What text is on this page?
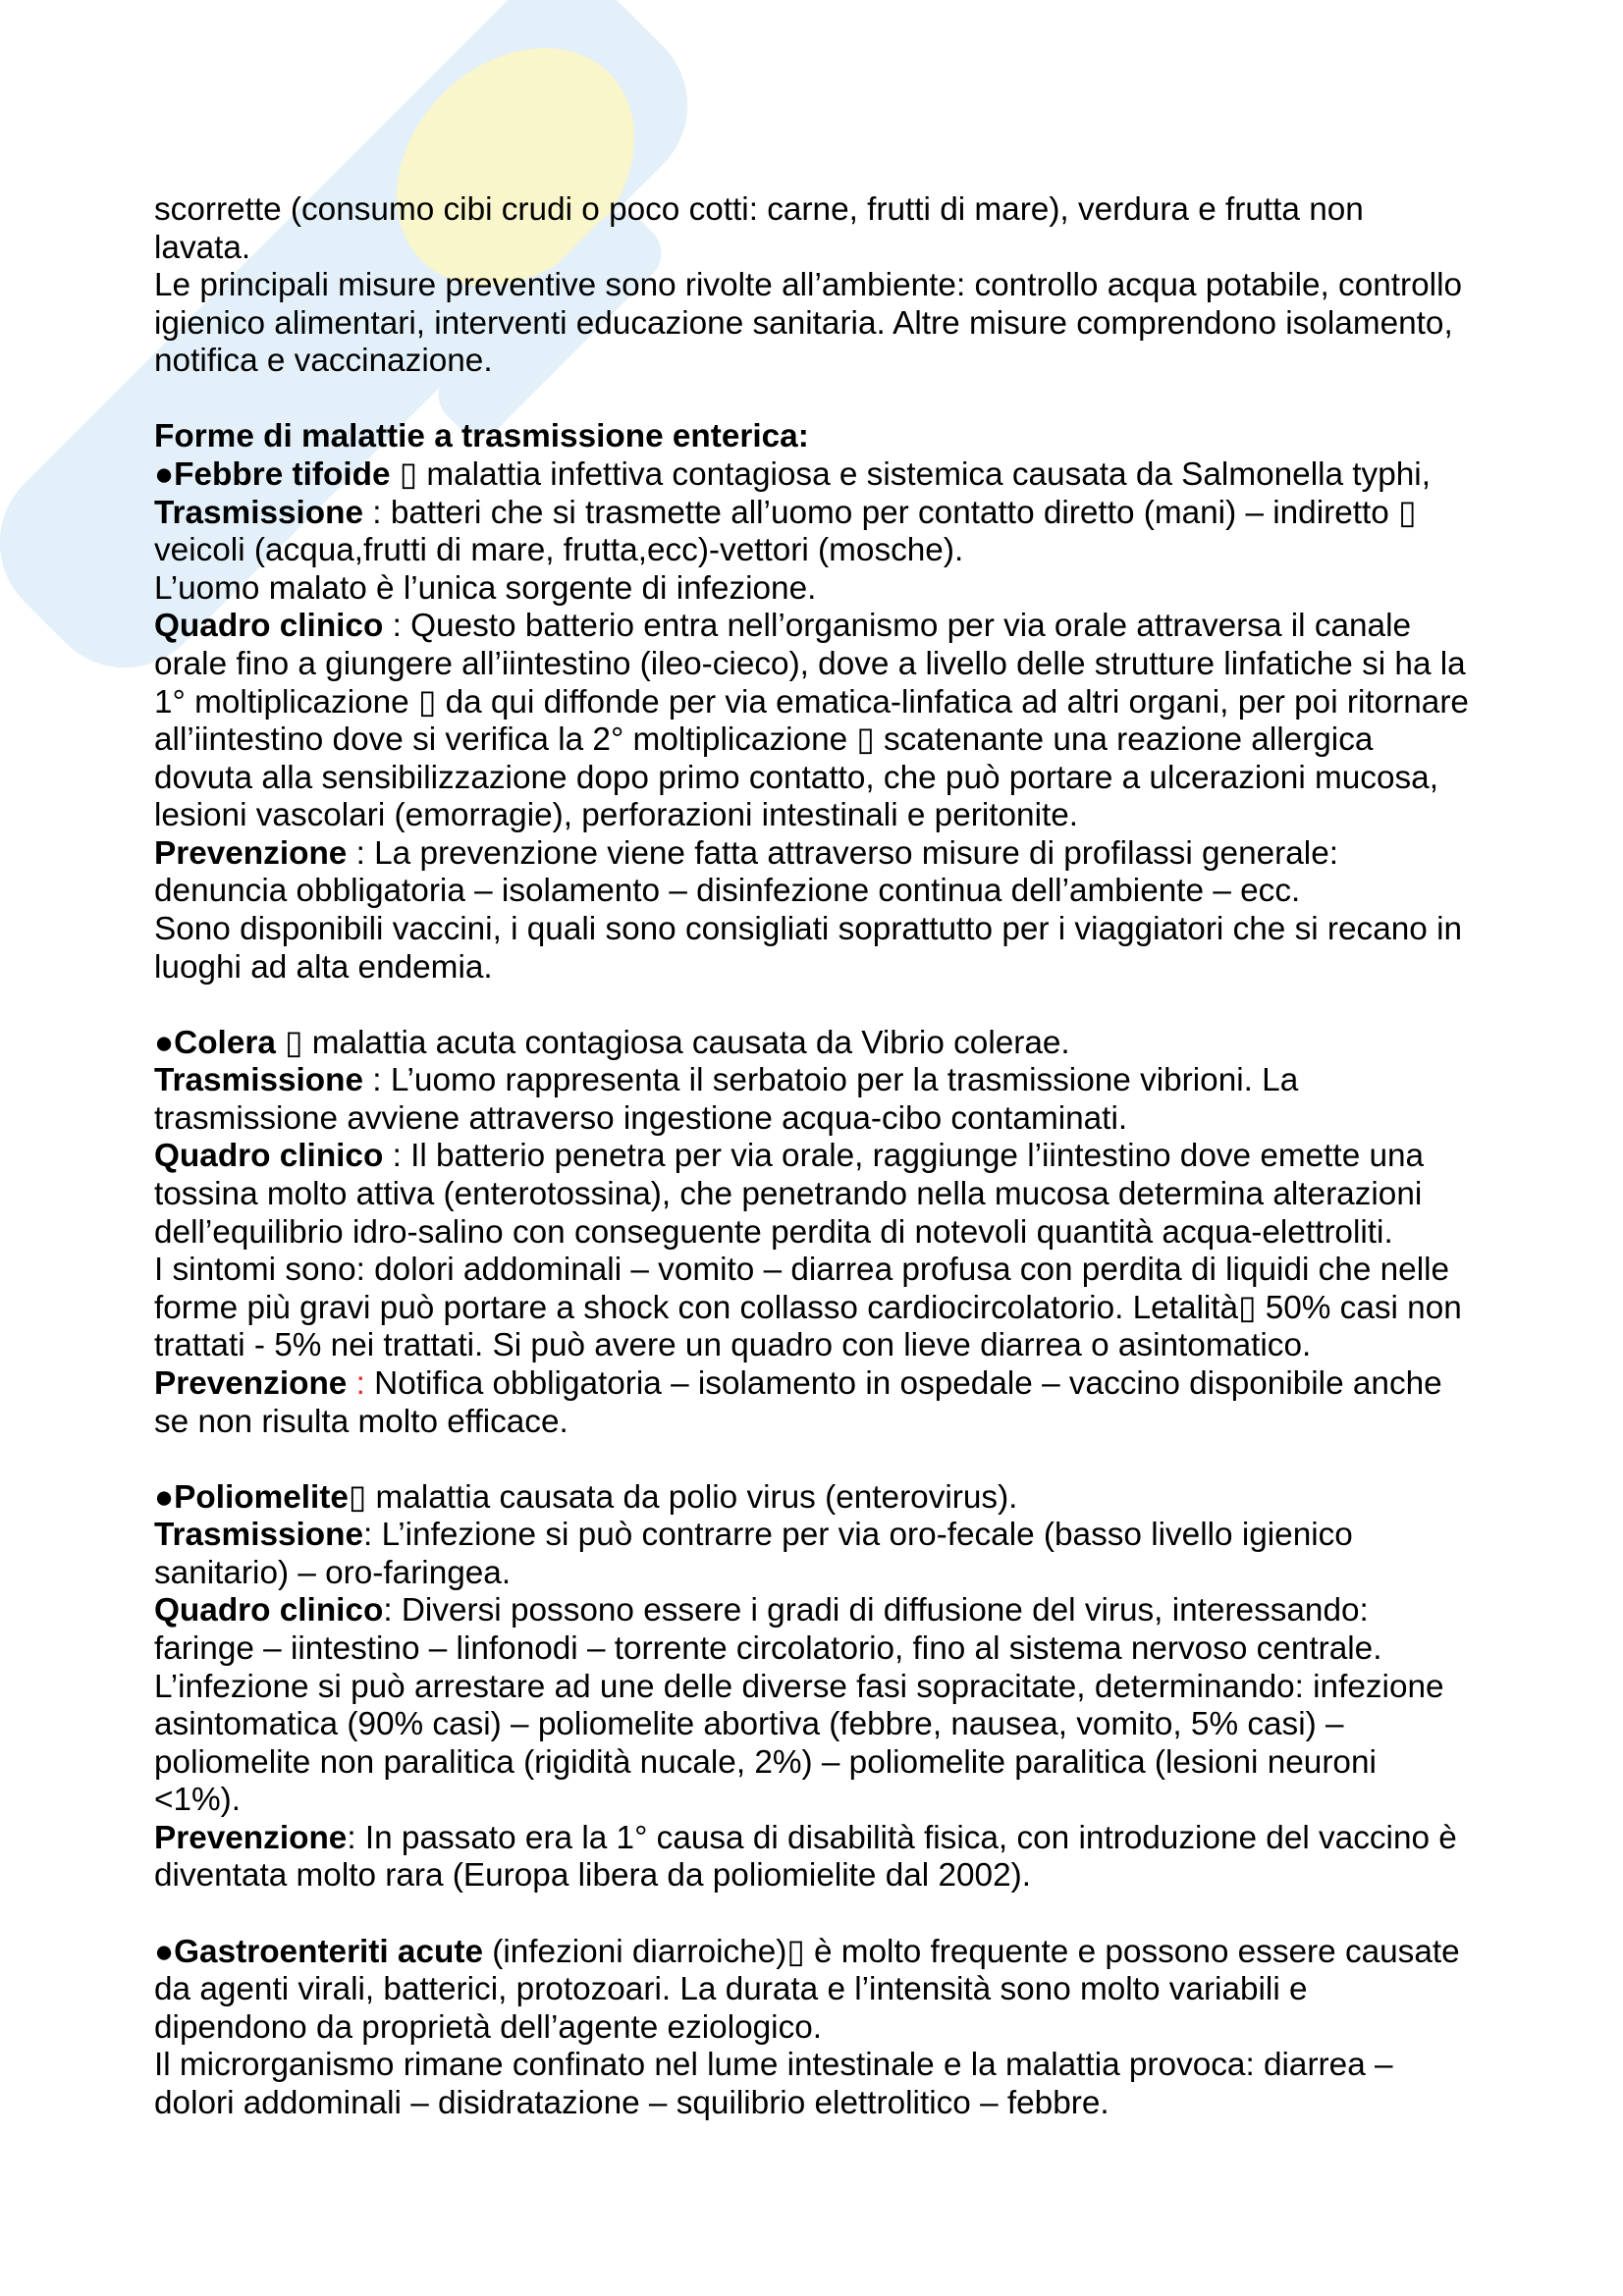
scorrette (consumo cibi crudi o poco cotti: carne, frutti di mare), verdura e frutta non
lavata.
Le principali misure preventive sono rivolte all’ambiente: controllo acqua potabile, controllo
igienico alimentari, interventi educazione sanitaria. Altre misure comprendono isolamento,
notifica e vaccinazione.
Forme di malattie a trasmissione enterica:
●Febbre tifoide ▯ malattia infettiva contagiosa e sistemica causata da Salmonella typhi,
Trasmissione : batteri che si trasmette all’uomo per contatto diretto (mani) – indiretto ▯
veicoli (acqua,frutti di mare, frutta,ecc)-vettori (mosche).
L’uomo malato è l’unica sorgente di infezione.
Quadro clinico : Questo batterio entra nell’organismo per via orale attraversa il canale
orale fino a giungere all’iintestino (ileo-cieco), dove a livello delle strutture linfatiche si ha la
1° moltiplicazione ▯ da qui diffonde per via ematica-linfatica ad altri organi, per poi ritornare
all’iintestino dove si verifica la 2° moltiplicazione ▯ scatenante una reazione allergica
dovuta alla sensibilizzazione dopo primo contatto, che può portare a ulcerazioni mucosa,
lesioni vascolari (emorragie), perforazioni intestinali e peritonite.
Prevenzione : La prevenzione viene fatta attraverso misure di profilassi generale:
denuncia obbligatoria – isolamento – disinfezione continua dell’ambiente – ecc.
Sono disponibili vaccini, i quali sono consigliati soprattutto per i viaggiatori che si recano in
luoghi ad alta endemia.
●Colera ▯ malattia acuta contagiosa causata da Vibrio colerae.
Trasmissione : L’uomo rappresenta il serbatoio per la trasmissione vibrioni. La
trasmissione avviene attraverso ingestione acqua-cibo contaminati.
Quadro clinico : Il batterio penetra per via orale, raggiunge l’iintestino dove emette una
tossina molto attiva (enterotossina), che penetrando nella mucosa determina alterazioni
dell’equilibrio idro-salino con conseguente perdita di notevoli quantità acqua-elettroliti.
I sintomi sono: dolori addominali – vomito – diarrea profusa con perdita di liquidi che nelle
forme più gravi può portare a shock con collasso cardiocircolatorio. Letalità▯ 50% casi non
trattati - 5% nei trattati. Si può avere un quadro con lieve diarrea o asintomatico.
Prevenzione : Notifica obbligatoria – isolamento in ospedale – vaccino disponibile anche
se non risulta molto efficace.
●Poliomelite▯ malattia causata da polio virus (enterovirus).
Trasmissione: L’infezione si può contrarre per via oro-fecale (basso livello igienico
sanitario) – oro-faringea.
Quadro clinico: Diversi possono essere i gradi di diffusione del virus, interessando:
faringe – iintestino – linfonodi – torrente circolatorio, fino al sistema nervoso centrale.
L’infezione si può arrestare ad une delle diverse fasi sopracitate, determinando: infezione
asintomatica (90% casi) – poliomelite abortiva (febbre, nausea, vomito, 5% casi) –
poliomelite non paralitica (rigidità nucale, 2%) – poliomelite paralitica (lesioni neuroni
<1%).
Prevenzione: In passato era la 1° causa di disabilità fisica, con introduzione del vaccino è
diventata molto rara (Europa libera da poliomielite dal 2002).
●Gastroenteriti acute (infezioni diarroiche)▯ è molto frequente e possono essere causate
da agenti virali, batterici, protozoari. La durata e l’intensità sono molto variabili e
dipendono da proprietà dell’agente eziologico.
Il microrganismo rimane confinato nel lume intestinale e la malattia provoca: diarrea –
dolori addominali – disidratazione – squilibrio elettrolitico – febbre.
